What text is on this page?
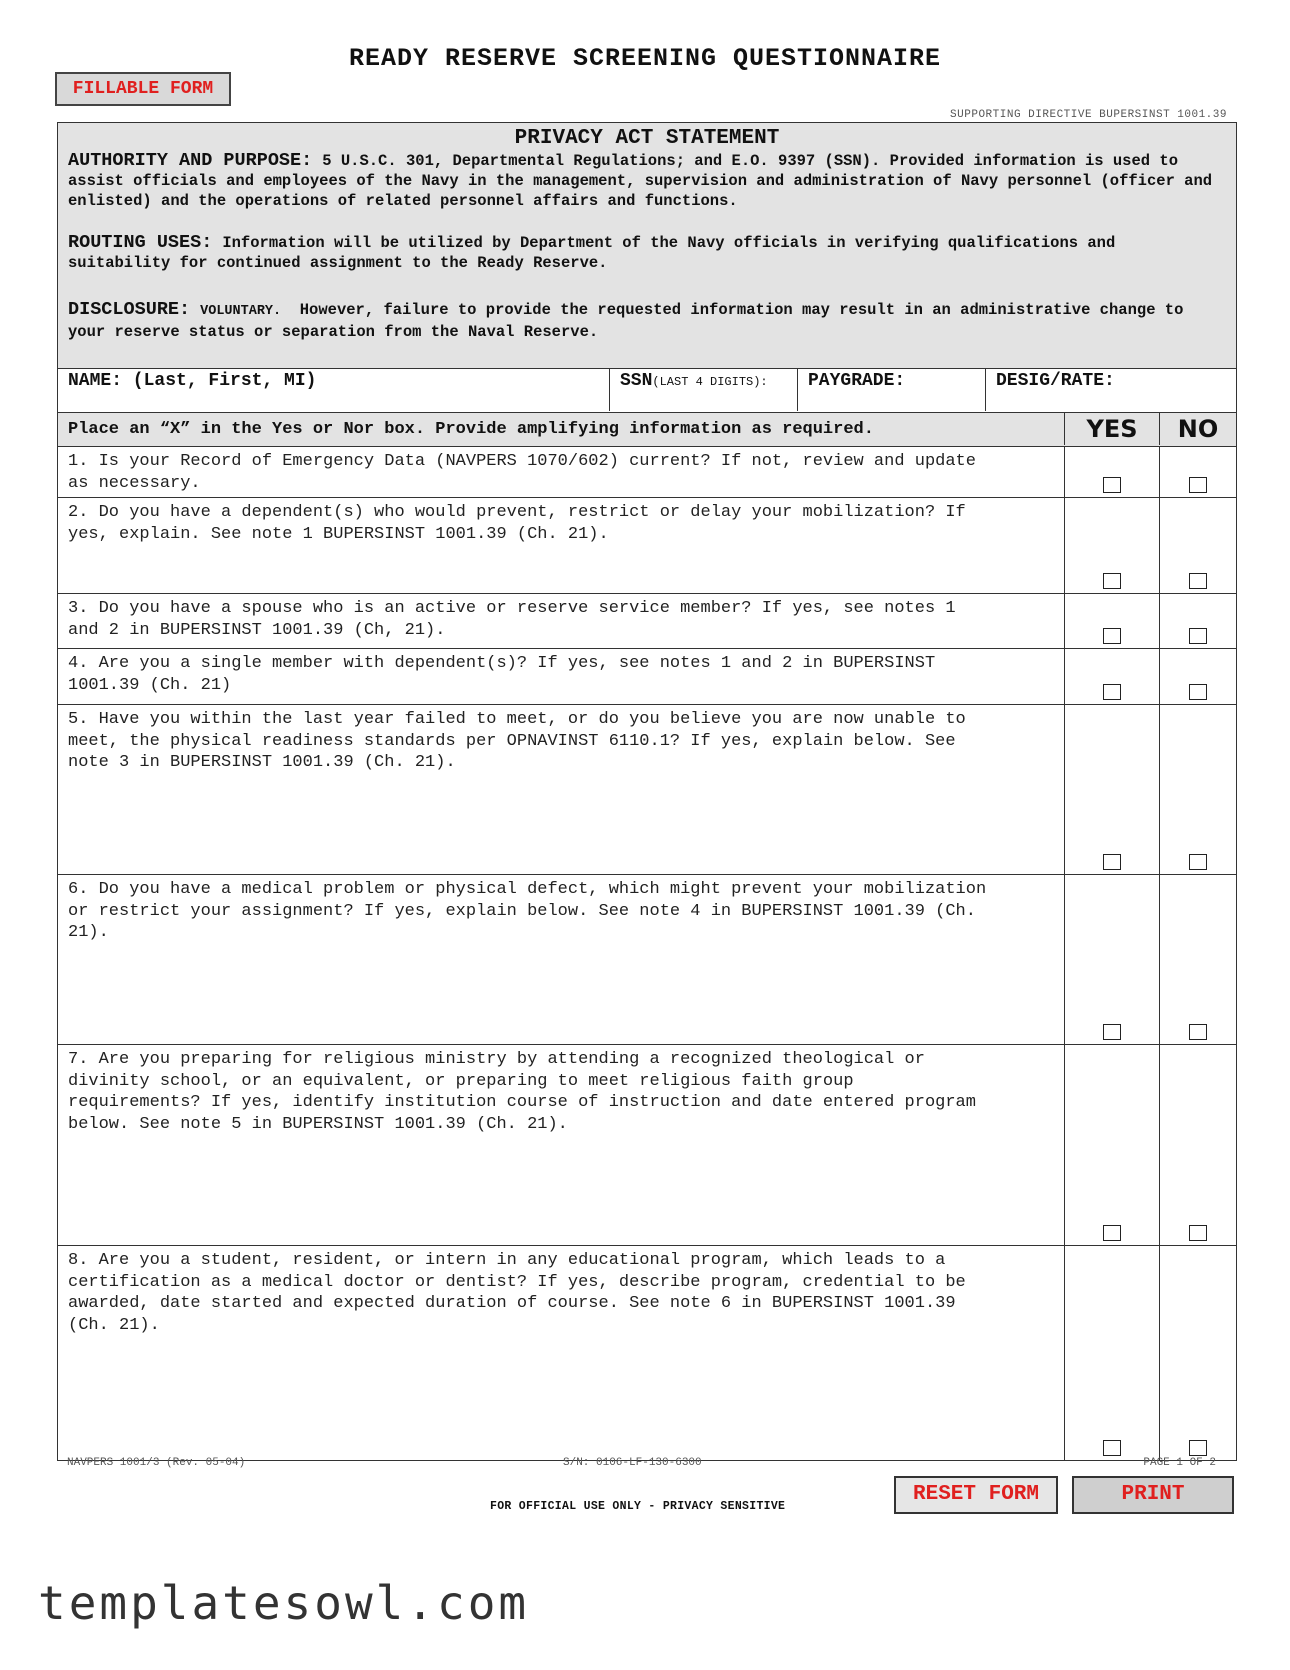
READY RESERVE SCREENING QUESTIONNAIRE
FILLABLE FORM
SUPPORTING DIRECTIVE BUPERSINST 1001.39
PRIVACY ACT STATEMENT
AUTHORITY AND PURPOSE: 5 U.S.C. 301, Departmental Regulations; and E.O. 9397 (SSN). Provided information is used to assist officials and employees of the Navy in the management, supervision and administration of Navy personnel (officer and enlisted) and the operations of related personnel affairs and functions.
ROUTING USES: Information will be utilized by Department of the Navy officials in verifying qualifications and suitability for continued assignment to the Ready Reserve.
DISCLOSURE: VOLUNTARY. However, failure to provide the requested information may result in an administrative change to your reserve status or separation from the Naval Reserve.
NAME: (Last, First, MI)	SSN(LAST 4 DIGITS):	PAYGRADE:	DESIG/RATE:
Place an “X” in the Yes or Nor box. Provide amplifying information as required.	YES	NO
1. Is your Record of Emergency Data (NAVPERS 1070/602) current? If not, review and update as necessary.
2. Do you have a dependent(s) who would prevent, restrict or delay your mobilization? If yes, explain. See note 1 BUPERSINST 1001.39 (Ch. 21).
3. Do you have a spouse who is an active or reserve service member? If yes, see notes 1 and 2 in BUPERSINST 1001.39 (Ch, 21).
4. Are you a single member with dependent(s)? If yes, see notes 1 and 2 in BUPERSINST 1001.39 (Ch. 21)
5. Have you within the last year failed to meet, or do you believe you are now unable to meet, the physical readiness standards per OPNAVINST 6110.1? If yes, explain below. See note 3 in BUPERSINST 1001.39 (Ch. 21).
6. Do you have a medical problem or physical defect, which might prevent your mobilization or restrict your assignment? If yes, explain below. See note 4 in BUPERSINST 1001.39 (Ch. 21).
7. Are you preparing for religious ministry by attending a recognized theological or divinity school, or an equivalent, or preparing to meet religious faith group requirements? If yes, identify institution course of instruction and date entered program below. See note 5 in BUPERSINST 1001.39 (Ch. 21).
8. Are you a student, resident, or intern in any educational program, which leads to a certification as a medical doctor or dentist? If yes, describe program, credential to be awarded, date started and expected duration of course. See note 6 in BUPERSINST 1001.39 (Ch. 21).
NAVPERS 1001/3 (Rev. 05-04)	S/N: 0106-LF-130-6300	PAGE 1 OF 2
FOR OFFICIAL USE ONLY - PRIVACY SENSITIVE
RESET FORM	PRINT
templatesowl.com
